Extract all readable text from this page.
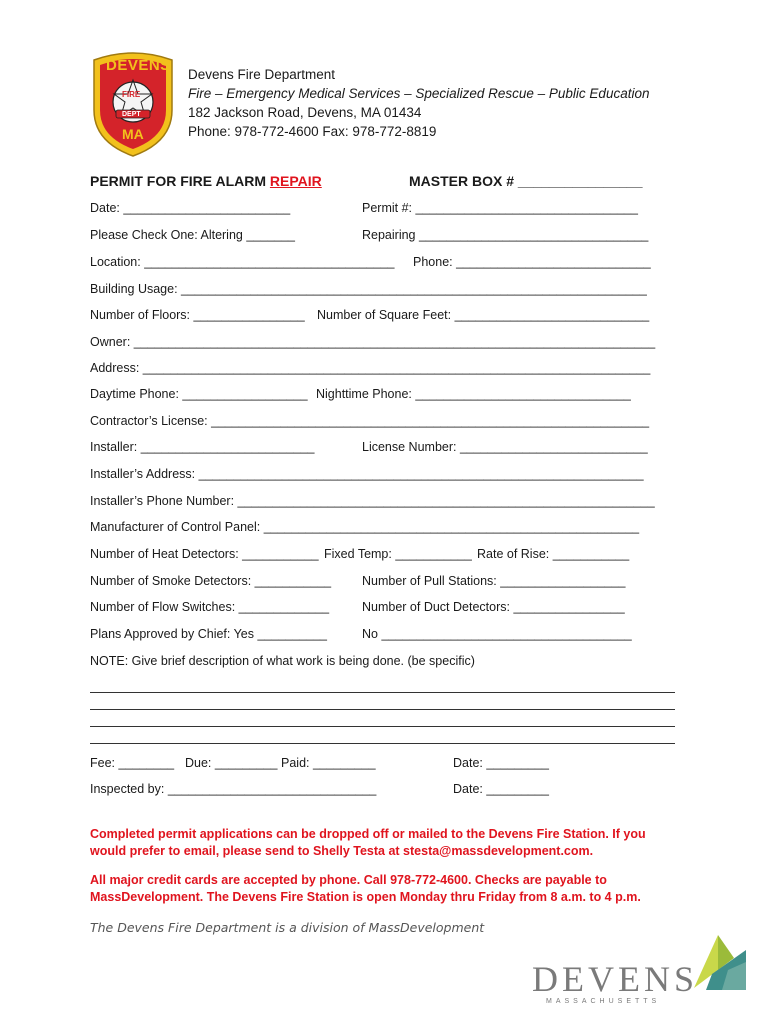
DEVENS
FIRE
DEPT
MA
Devens Fire Department
Fire – Emergency Medical Services – Specialized Rescue – Public Education
182 Jackson Road, Devens, MA 01434
Phone: 978-772-4600 Fax: 978-772-8819
PERMIT FOR FIRE ALARM REPAIR	MASTER BOX # ________________
Date: ________________________	Permit #: ________________________________
Please Check One: Altering _______	Repairing _________________________________
Location: ____________________________________ Phone: ____________________________
Building Usage: ___________________________________________________________________
Number of Floors: ________________ Number of Square Feet: ____________________________
Owner: ___________________________________________________________________________
Address: _________________________________________________________________________
Daytime Phone: __________________ Nighttime Phone: _______________________________
Contractor’s License: _______________________________________________________________
Installer: _________________________	License Number: ___________________________
Installer’s Address: ________________________________________________________________
Installer’s Phone Number: ____________________________________________________________
Manufacturer of Control Panel: ______________________________________________________
Number of Heat Detectors: ___________ Fixed Temp: ___________ Rate of Rise: ___________
Number of Smoke Detectors: ___________ Number of Pull Stations: __________________
Number of Flow Switches: _____________	Number of Duct Detectors: ________________
Plans Approved by Chief: Yes __________	No ____________________________________
NOTE: Give brief description of what work is being done. (be specific)
Fee: ________ Due: _________ Paid: _________	Date: _________
Inspected by: ______________________________	Date: _________
Completed permit applications can be dropped off or mailed to the Devens Fire Station. If you would prefer to email, please send to Shelly Testa at stesta@massdevelopment.com.
All major credit cards are accepted by phone. Call 978-772-4600. Checks are payable to MassDevelopment. The Devens Fire Station is open Monday thru Friday from 8 a.m. to 4 p.m.
The Devens Fire Department is a division of MassDevelopment
DEVENS
MASSACHUSETTS
